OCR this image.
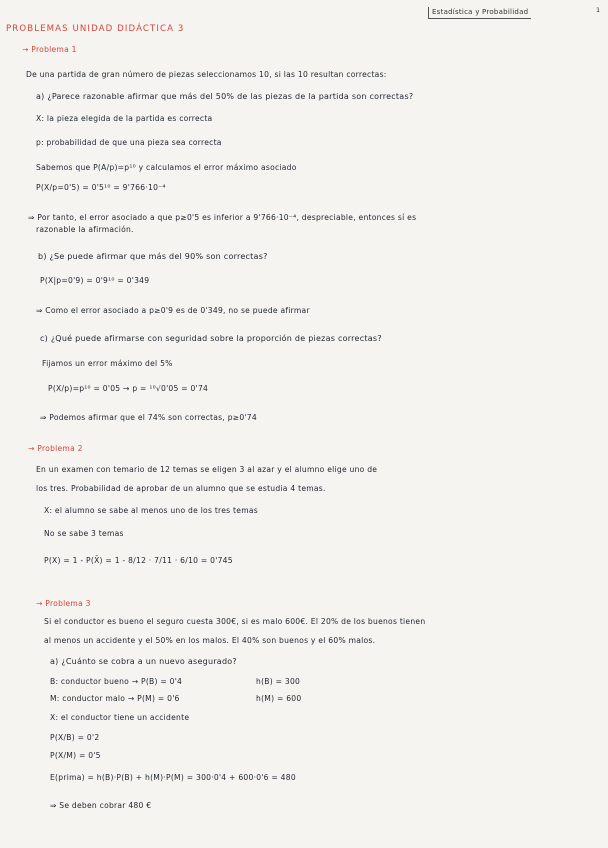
PROBLEMAS UNIDAD DIDÁCTICA 3
Estadística y Probabilidad	1
→ Problema 1
De una partida de gran número de piezas seleccionamos 10, si las 10 resultan correctas:
a) ¿Parece razonable afirmar que más del 50% de las piezas de la partida son correctas?
X: la pieza elegida de la partida es correcta
p: probabilidad de que una pieza sea correcta
Sabemos que P(A/p)=p¹⁰ y calculamos el error máximo asociado
P(X/p=0'5) = 0'5¹⁰ = 9'766·10⁻⁴
⇒ Por tanto, el error asociado a que p≥0'5 es inferior a 9'766·10⁻⁴, despreciable, entonces sí es
razonable la afirmación.
b) ¿Se puede afirmar que más del 90% son correctas?
P(X|p=0'9) = 0'9¹⁰ = 0'349
⇒ Como el error asociado a p≥0'9 es de 0'349, no se puede afirmar
c) ¿Qué puede afirmarse con seguridad sobre la proporción de piezas correctas?
Fijamos un error máximo del 5%
P(X/p)=p¹⁰ = 0'05 → p = ¹⁰√0'05 = 0'74
⇒ Podemos afirmar que el 74% son correctas, p≥0'74
→ Problema 2
En un examen con temario de 12 temas se eligen 3 al azar y el alumno elige uno de
los tres. Probabilidad de aprobar de un alumno que se estudia 4 temas.
X: el alumno se sabe al menos uno de los tres temas
No se sabe 3 temas
P(X) = 1 - P(X̄) = 1 - 8/12 · 7/11 · 6/10 = 0'745
→ Problema 3
Si el conductor es bueno el seguro cuesta 300€, si es malo 600€. El 20% de los buenos tienen
al menos un accidente y el 50% en los malos. El 40% son buenos y el 60% malos.
a) ¿Cuánto se cobra a un nuevo asegurado?
B: conductor bueno → P(B) = 0'4	h(B) = 300
M: conductor malo → P(M) = 0'6	h(M) = 600
X: el conductor tiene un accidente
P(X/B) = 0'2
P(X/M) = 0'5
E(prima) = h(B)·P(B) + h(M)·P(M) = 300·0'4 + 600·0'6 = 480
⇒ Se deben cobrar 480 €
